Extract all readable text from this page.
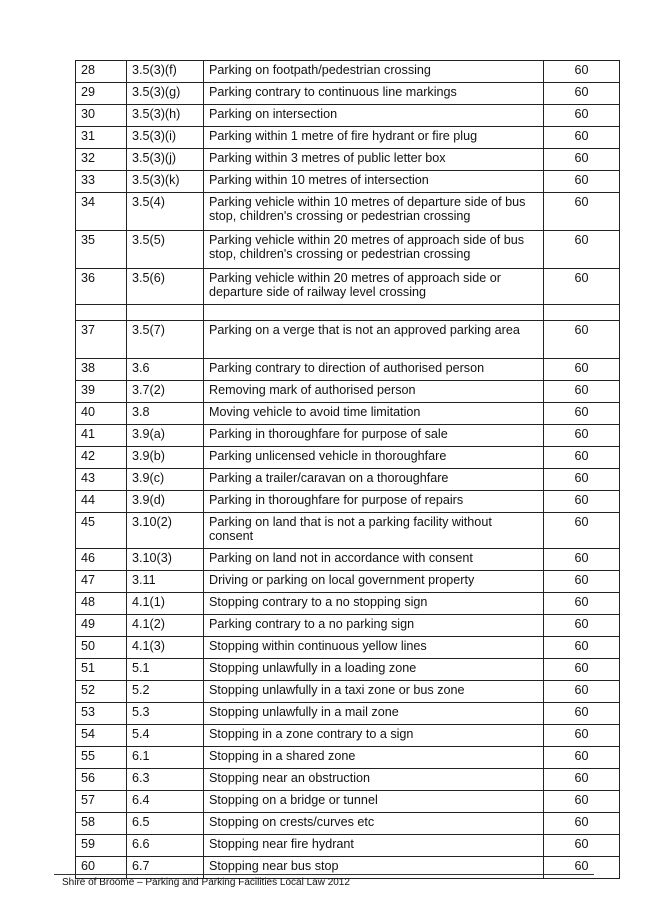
28	3.5(3)(f)	Parking on footpath/pedestrian crossing	60
29	3.5(3)(g)	Parking contrary to continuous line markings	60
30	3.5(3)(h)	Parking on intersection	60
31	3.5(3)(i)	Parking within 1 metre of fire hydrant or fire plug	60
32	3.5(3)(j)	Parking within 3 metres of public letter box	60
33	3.5(3)(k)	Parking within 10 metres of intersection	60
34	3.5(4)	Parking vehicle within 10 metres of departure side of bus stop, children's crossing or pedestrian crossing	60
35	3.5(5)	Parking vehicle within 20 metres of approach side of bus stop, children's crossing or pedestrian crossing	60
36	3.5(6)	Parking vehicle within 20 metres of approach side or departure side of railway level crossing	60

37	3.5(7)	Parking on a verge that is not an approved parking area	60
38	3.6	Parking contrary to direction of authorised person	60
39	3.7(2)	Removing mark of authorised person	60
40	3.8	Moving vehicle to avoid time limitation	60
41	3.9(a)	Parking in thoroughfare for purpose of sale	60
42	3.9(b)	Parking unlicensed vehicle in thoroughfare	60
43	3.9(c)	Parking a trailer/caravan on a thoroughfare	60
44	3.9(d)	Parking in thoroughfare for purpose of repairs	60
45	3.10(2)	Parking on land that is not a parking facility without consent	60
46	3.10(3)	Parking on land not in accordance with consent	60
47	3.11	Driving or parking on local government property	60
48	4.1(1)	Stopping contrary to a no stopping sign	60
49	4.1(2)	Parking contrary to a no parking sign	60
50	4.1(3)	Stopping within continuous yellow lines	60
51	5.1	Stopping unlawfully in a loading zone	60
52	5.2	Stopping unlawfully in a taxi zone or bus zone	60
53	5.3	Stopping unlawfully in a mail zone	60
54	5.4	Stopping in a zone contrary to a sign	60
55	6.1	Stopping in a shared zone	60
56	6.3	Stopping near an obstruction	60
57	6.4	Stopping on a bridge or tunnel	60
58	6.5	Stopping on crests/curves etc	60
59	6.6	Stopping near fire hydrant	60
60	6.7	Stopping near bus stop	60
Shire of Broome – Parking and Parking Facilities Local Law 2012
